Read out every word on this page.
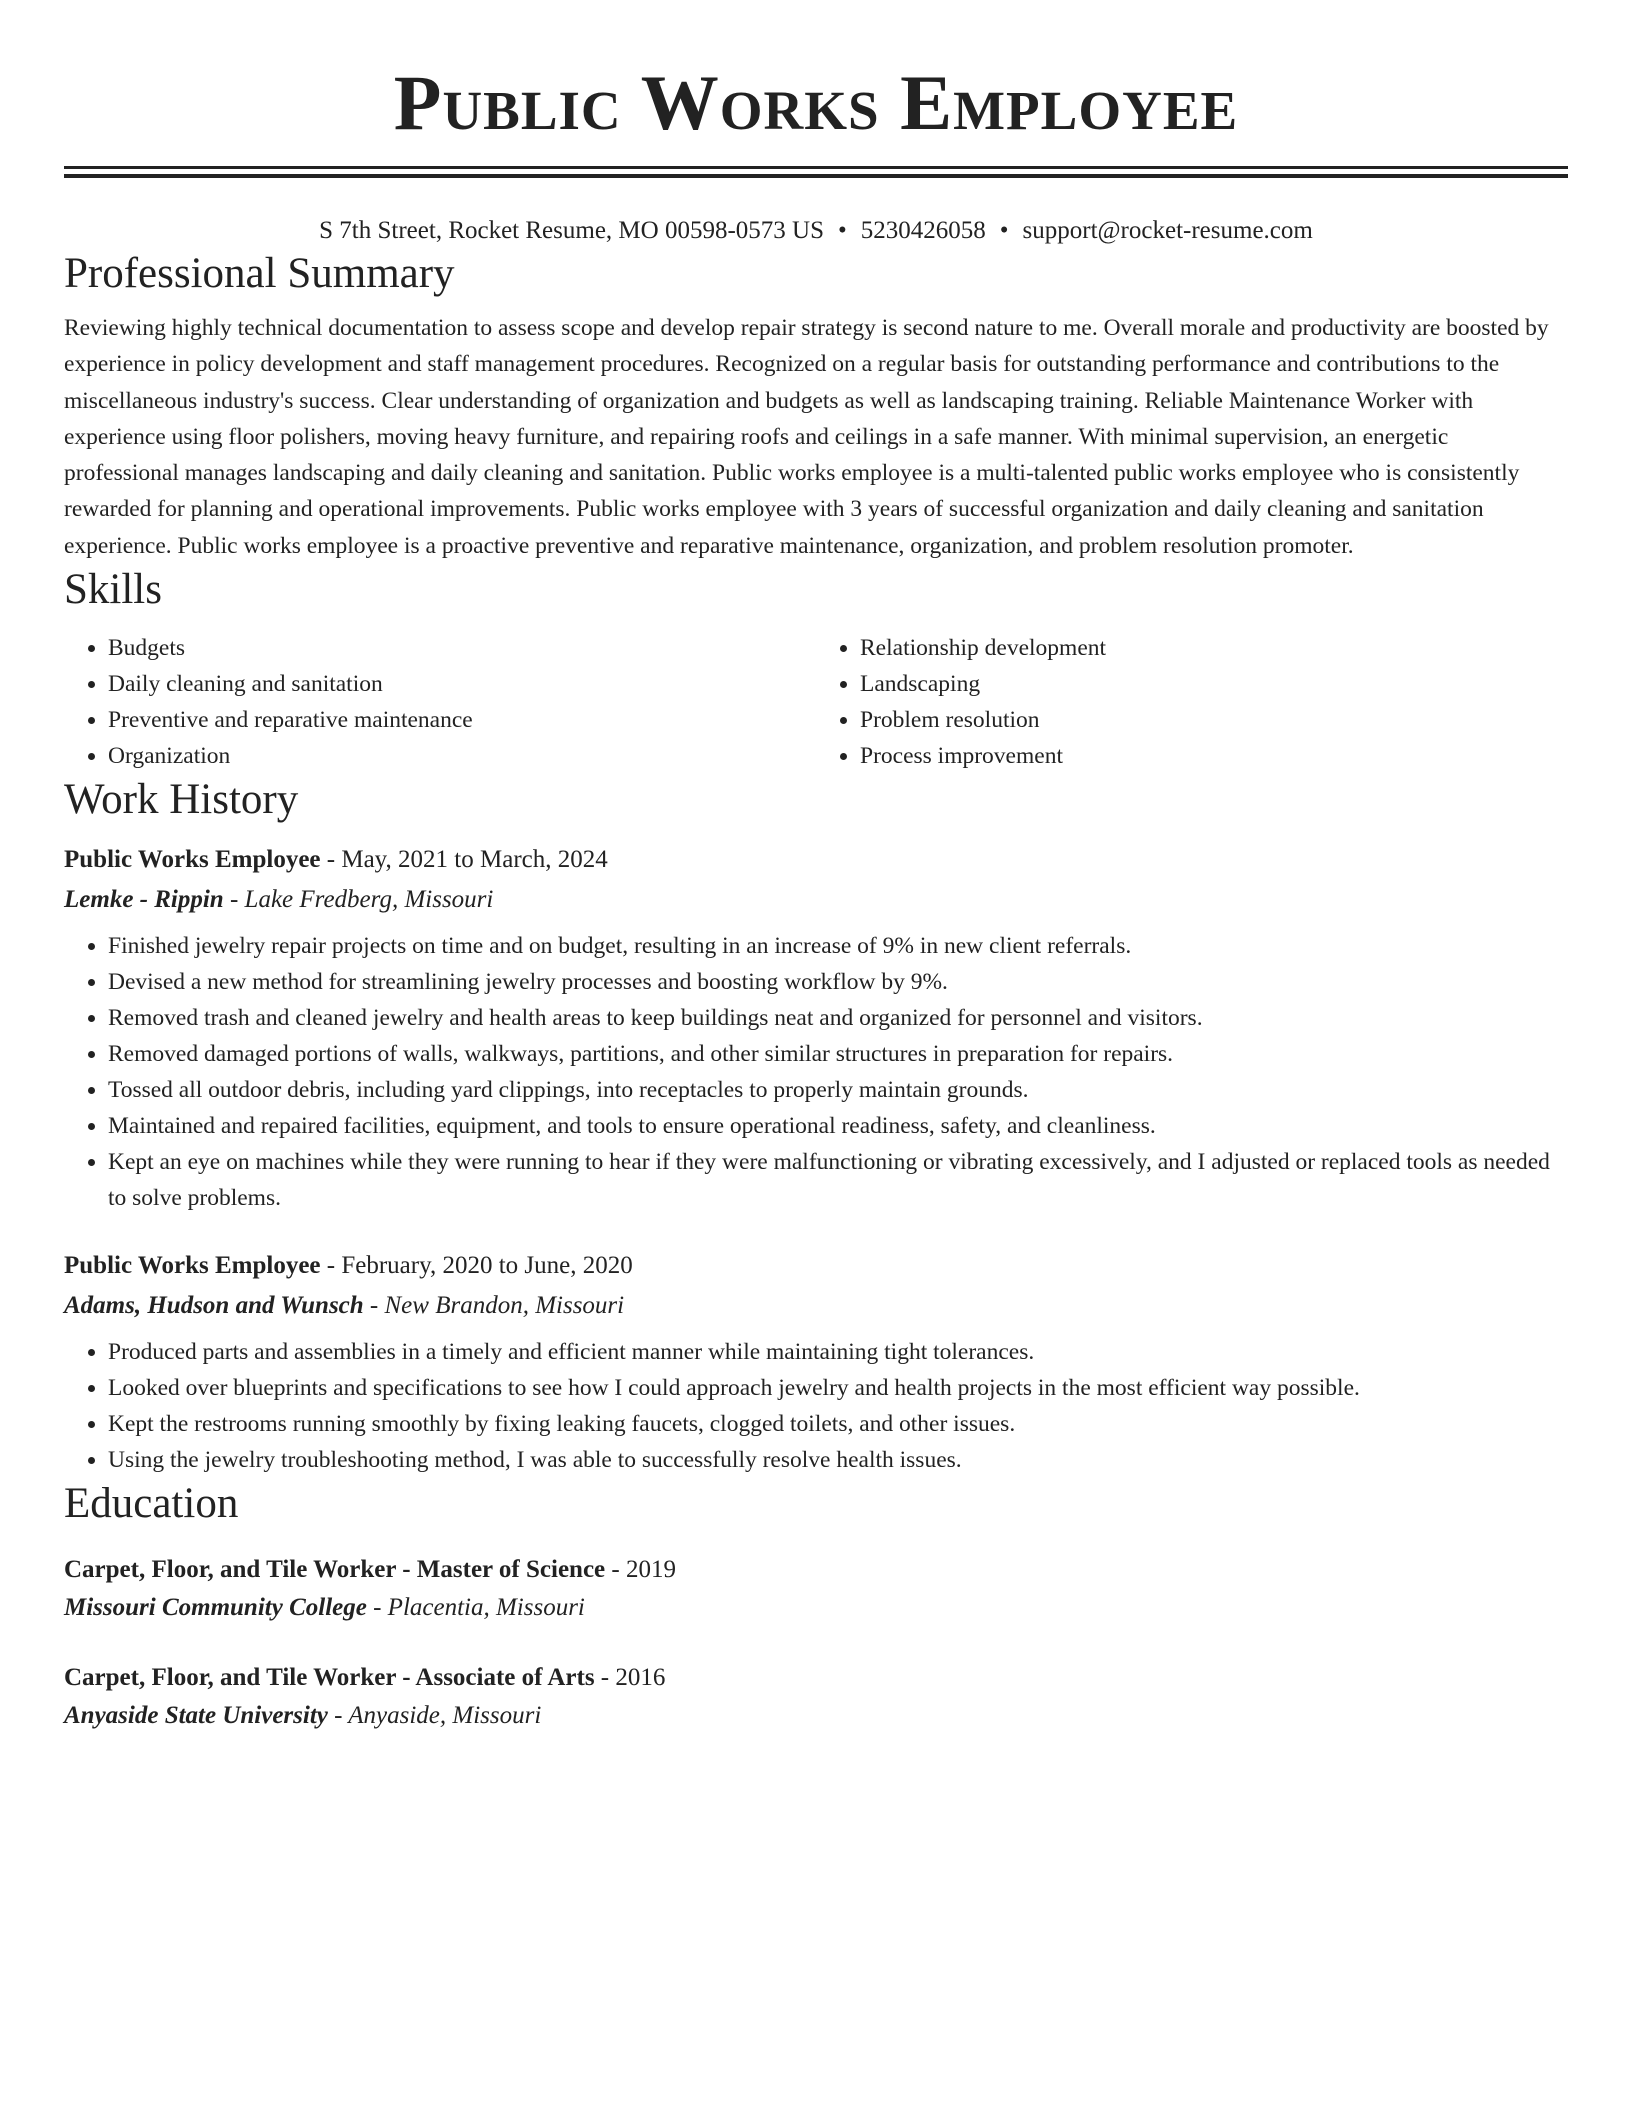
Public Works Employee
S 7th Street, Rocket Resume, MO 00598-0573 US • 5230426058 • support@rocket-resume.com
Professional Summary

Reviewing highly technical documentation to assess scope and develop repair strategy is second nature to me. Overall morale and productivity are boosted by experience in policy development and staff management procedures. Recognized on a regular basis for outstanding performance and contributions to the miscellaneous industry's success. Clear understanding of organization and budgets as well as landscaping training. Reliable Maintenance Worker with experience using floor polishers, moving heavy furniture, and repairing roofs and ceilings in a safe manner. With minimal supervision, an energetic professional manages landscaping and daily cleaning and sanitation. Public works employee is a multi-talented public works employee who is consistently rewarded for planning and operational improvements. Public works employee with 3 years of successful organization and daily cleaning and sanitation experience. Public works employee is a proactive preventive and reparative maintenance, organization, and problem resolution promoter.

Skills
• Budgets
• Daily cleaning and sanitation
• Preventive and reparative maintenance
• Organization
• Relationship development
• Landscaping
• Problem resolution
• Process improvement
Work History

Public Works Employee - May, 2021 to March, 2024

Lemke - Rippin - Lake Fredberg, Missouri

• Finished jewelry repair projects on time and on budget, resulting in an increase of 9% in new client referrals.
• Devised a new method for streamlining jewelry processes and boosting workflow by 9%.
• Removed trash and cleaned jewelry and health areas to keep buildings neat and organized for personnel and visitors.
• Removed damaged portions of walls, walkways, partitions, and other similar structures in preparation for repairs.
• Tossed all outdoor debris, including yard clippings, into receptacles to properly maintain grounds.
• Maintained and repaired facilities, equipment, and tools to ensure operational readiness, safety, and cleanliness.
• Kept an eye on machines while they were running to hear if they were malfunctioning or vibrating excessively, and I adjusted or replaced tools as needed to solve problems.

Public Works Employee - February, 2020 to June, 2020

Adams, Hudson and Wunsch - New Brandon, Missouri

• Produced parts and assemblies in a timely and efficient manner while maintaining tight tolerances.
• Looked over blueprints and specifications to see how I could approach jewelry and health projects in the most efficient way possible.
• Kept the restrooms running smoothly by fixing leaking faucets, clogged toilets, and other issues.
• Using the jewelry troubleshooting method, I was able to successfully resolve health issues.
Education

Carpet, Floor, and Tile Worker - Master of Science - 2019

Missouri Community College - Placentia, Missouri

Carpet, Floor, and Tile Worker - Associate of Arts - 2016

Anyaside State University - Anyaside, Missouri
